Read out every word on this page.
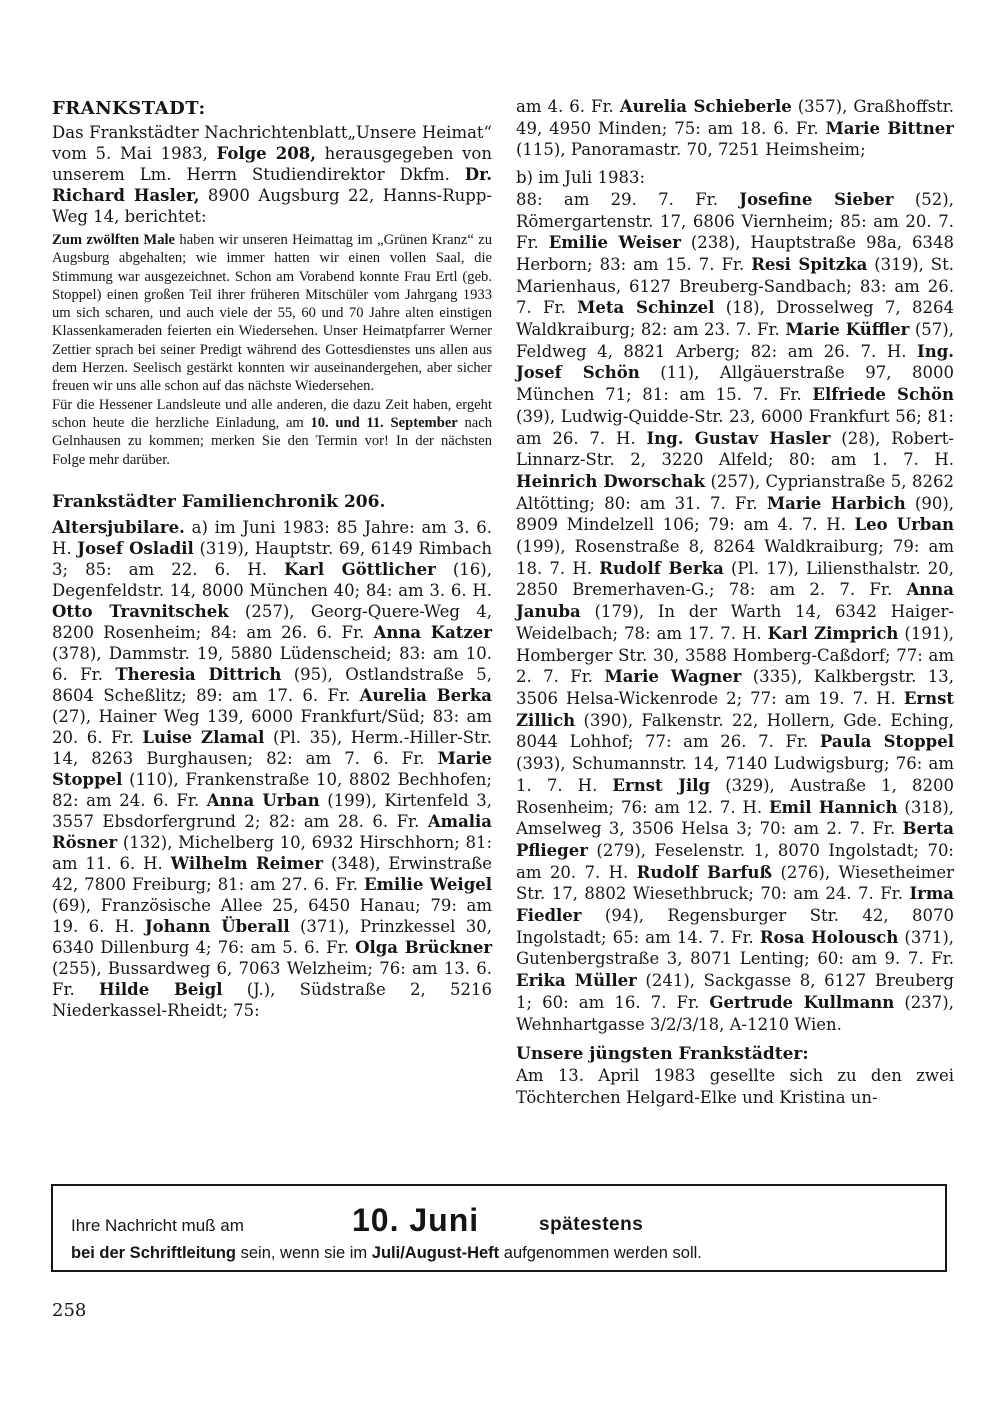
FRANKSTADT:

Das Frankstädter Nachrichtenblatt„Unsere Heimat“ vom 5. Mai 1983, Folge 208, herausgegeben von unserem Lm. Herrn Studiendirektor Dkfm. Dr. Richard Hasler, 8900 Augsburg 22, Hanns-Rupp-Weg 14, berichtet:

Zum zwölften Male haben wir unseren Heimattag im „Grünen Kranz“ zu Augsburg abgehalten; wie immer hatten wir einen vollen Saal, die Stimmung war ausgezeichnet. Schon am Vorabend konnte Frau Ertl (geb. Stoppel) einen großen Teil ihrer früheren Mitschüler vom Jahrgang 1933 um sich scharen, und auch viele der 55, 60 und 70 Jahre alten einstigen Klassenkameraden feierten ein Wiedersehen. Unser Heimatpfarrer Werner Zettier sprach bei seiner Predigt während des Gottesdienstes uns allen aus dem Herzen. Seelisch gestärkt konnten wir auseinandergehen, aber sicher freuen wir uns alle schon auf das nächste Wiedersehen.

Für die Hessener Landsleute und alle anderen, die dazu Zeit haben, ergeht schon heute die herzliche Einladung, am 10. und 11. September nach Gelnhausen zu kommen; merken Sie den Termin vor! In der nächsten Folge mehr darüber.

Frankstädter Familienchronik 206.

Altersjubilare. a) im Juni 1983: 85 Jahre: am 3. 6. H. Josef Osladil (319), Hauptstr. 69, 6149 Rimbach 3; 85: am 22. 6. H. Karl Göttlicher (16), Degenfeldstr. 14, 8000 München 40; 84: am 3. 6. H. Otto Travnitschek (257), Georg-Quere-Weg 4, 8200 Rosenheim; 84: am 26. 6. Fr. Anna Katzer (378), Dammstr. 19, 5880 Lüdenscheid; 83: am 10. 6. Fr. Theresia Dittrich (95), Ostlandstraße 5, 8604 Scheßlitz; 89: am 17. 6. Fr. Aurelia Berka (27), Hainer Weg 139, 6000 Frankfurt/Süd; 83: am 20. 6. Fr. Luise Zlamal (Pl. 35), Herm.-Hiller-Str. 14, 8263 Burghausen; 82: am 7. 6. Fr. Marie Stoppel (110), Frankenstraße 10, 8802 Bechhofen; 82: am 24. 6. Fr. Anna Urban (199), Kirtenfeld 3, 3557 Ebsdorfergrund 2; 82: am 28. 6. Fr. Amalia Rösner (132), Michelberg 10, 6932 Hirschhorn; 81: am 11. 6. H. Wilhelm Reimer (348), Erwinstraße 42, 7800 Freiburg; 81: am 27. 6. Fr. Emilie Weigel (69), Französische Allee 25, 6450 Hanau; 79: am 19. 6. H. Johann Überall (371), Prinzkessel 30, 6340 Dillenburg 4; 76: am 5. 6. Fr. Olga Brückner (255), Bussardweg 6, 7063 Welzheim; 76: am 13. 6. Fr. Hilde Beigl (J.), Südstraße 2, 5216 Niederkassel-Rheidt; 75:

am 4. 6. Fr. Aurelia Schieberle (357), Graßhoffstr. 49, 4950 Minden; 75: am 18. 6. Fr. Marie Bittner (115), Panoramastr. 70, 7251 Heimsheim;

b) im Juli 1983:

88: am 29. 7. Fr. Josefine Sieber (52), Römergartenstr. 17, 6806 Viernheim; 85: am 20. 7. Fr. Emilie Weiser (238), Hauptstraße 98a, 6348 Herborn; 83: am 15. 7. Fr. Resi Spitzka (319), St. Marienhaus, 6127 Breuberg-Sandbach; 83: am 26. 7. Fr. Meta Schinzel (18), Drosselweg 7, 8264 Waldkraiburg; 82: am 23. 7. Fr. Marie Küffler (57), Feldweg 4, 8821 Arberg; 82: am 26. 7. H. Ing. Josef Schön (11), Allgäuerstraße 97, 8000 München 71; 81: am 15. 7. Fr. Elfriede Schön (39), Ludwig-Quidde-Str. 23, 6000 Frankfurt 56; 81: am 26. 7. H. Ing. Gustav Hasler (28), Robert-Linnarz-Str. 2, 3220 Alfeld; 80: am 1. 7. H. Heinrich Dworschak (257), Cyprianstraße 5, 8262 Altötting; 80: am 31. 7. Fr. Marie Harbich (90), 8909 Mindelzell 106; 79: am 4. 7. H. Leo Urban (199), Rosenstraße 8, 8264 Waldkraiburg; 79: am 18. 7. H. Rudolf Berka (Pl. 17), Liliensthalstr. 20, 2850 Bremerhaven-G.; 78: am 2. 7. Fr. Anna Januba (179), In der Warth 14, 6342 Haiger-Weidelbach; 78: am 17. 7. H. Karl Zimprich (191), Homberger Str. 30, 3588 Homberg-Caßdorf; 77: am 2. 7. Fr. Marie Wagner (335), Kalkbergstr. 13, 3506 Helsa-Wickenrode 2; 77: am 19. 7. H. Ernst Zillich (390), Falkenstr. 22, Hollern, Gde. Eching, 8044 Lohhof; 77: am 26. 7. Fr. Paula Stoppel (393), Schumannstr. 14, 7140 Ludwigsburg; 76: am 1. 7. H. Ernst Jilg (329), Austraße 1, 8200 Rosenheim; 76: am 12. 7. H. Emil Hannich (318), Amselweg 3, 3506 Helsa 3; 70: am 2. 7. Fr. Berta Pflieger (279), Feselenstr. 1, 8070 Ingolstadt; 70: am 20. 7. H. Rudolf Barfuß (276), Wiesetheimer Str. 17, 8802 Wiesethbruck; 70: am 24. 7. Fr. Irma Fiedler (94), Regensburger Str. 42, 8070 Ingolstadt; 65: am 14. 7. Fr. Rosa Holousch (371), Gutenbergstraße 3, 8071 Lenting; 60: am 9. 7. Fr. Erika Müller (241), Sackgasse 8, 6127 Breuberg 1; 60: am 16. 7. Fr. Gertrude Kullmann (237), Wehnhartgasse 3/2/3/18, A-1210 Wien.

Unsere jüngsten Frankstädter:

Am 13. April 1983 gesellte sich zu den zwei Töchterchen Helgard-Elke und Kristina un-

Ihre Nachricht muß am	10. Juni	spätestens
bei der Schriftleitung sein, wenn sie im Juli/August-Heft aufgenommen werden soll.
258
